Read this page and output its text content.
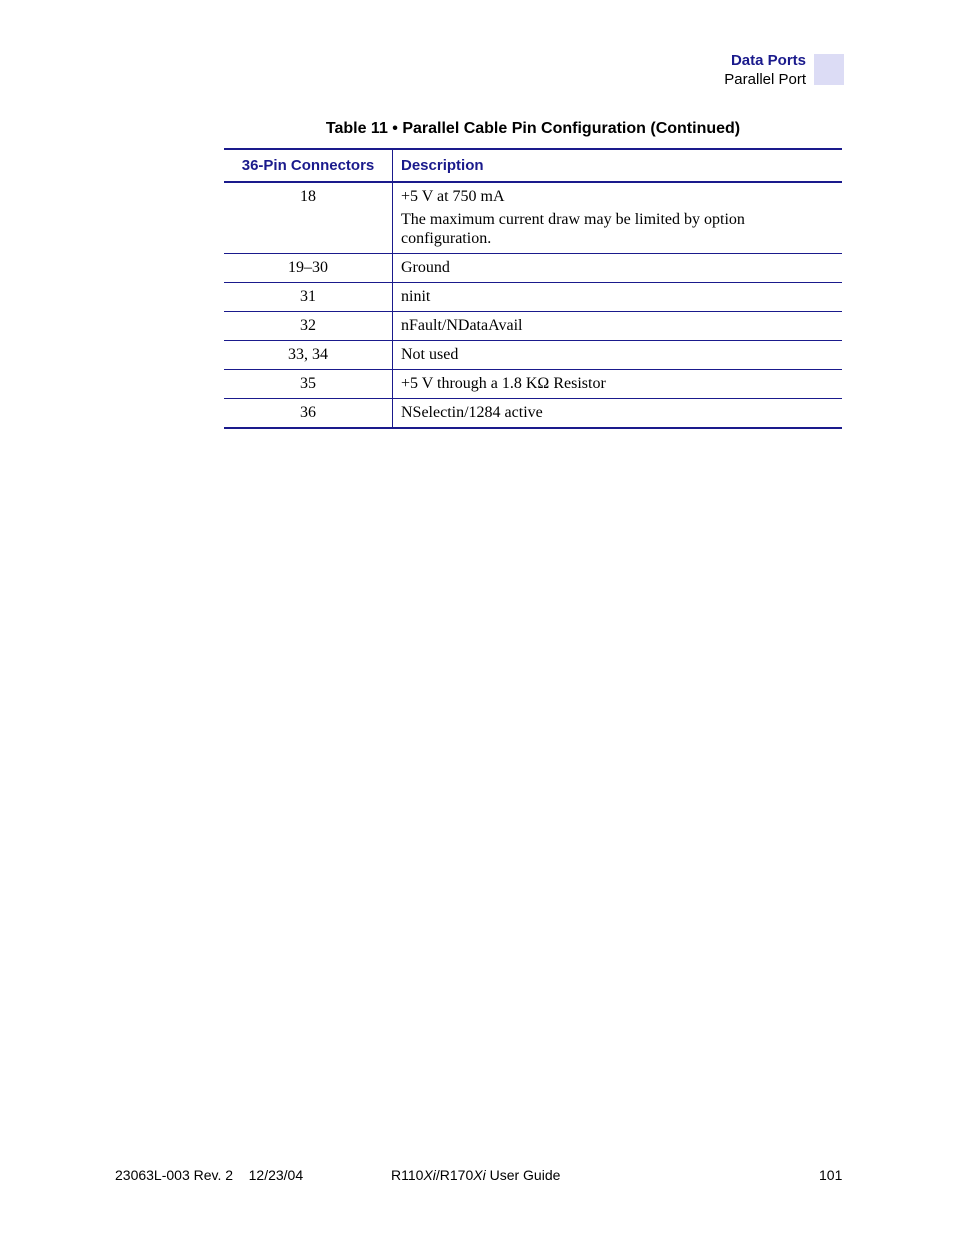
Data Ports
Parallel Port
Table 11 • Parallel Cable Pin Configuration (Continued)
36-Pin Connectors	Description
18	+5 V at 750 mA
The maximum current draw may be limited by option configuration.

19–30	Ground
31	ninit
32	nFault/NDataAvail
33, 34	Not used
35	+5 V through a 1.8 KΩ Resistor
36	NSelectin/1284 active
23063L-003 Rev. 2 12/23/04	R110Xi/R170Xi User Guide	101
